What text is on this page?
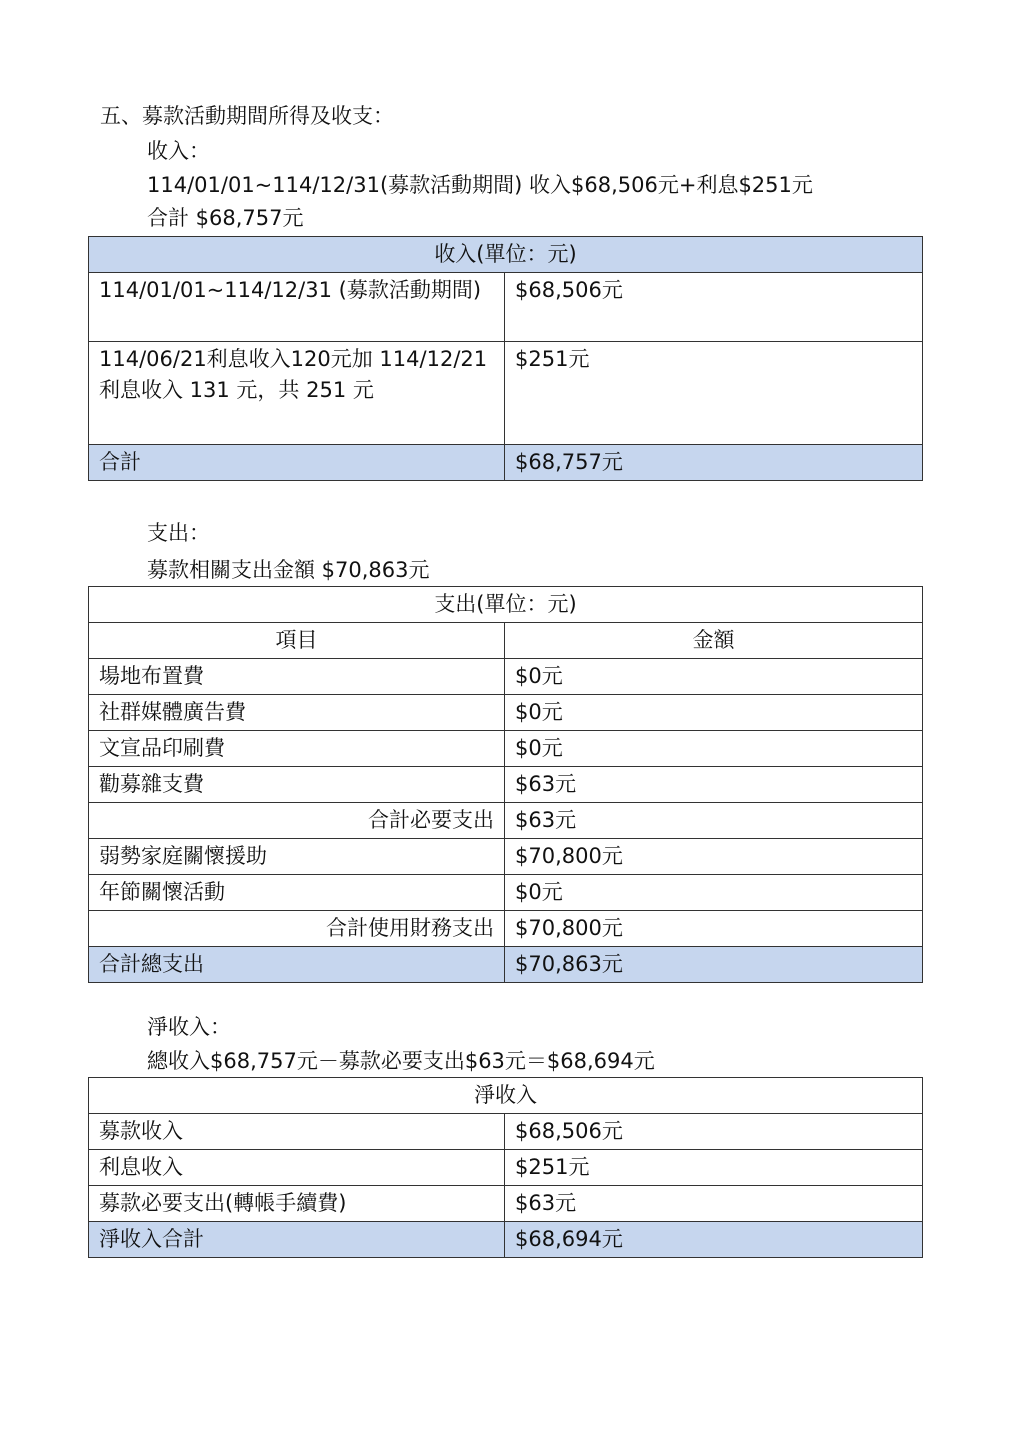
五、募款活動期間所得及收支：
收入：
114/01/01~114/12/31(募款活動期間) 收入$68,506元+利息$251元
合計 $68,757元
收入(單位：元)	
114/01/01~114/12/31 (募款活動期間)	$68,506元
114/06/21利息收入120元加 114/12/21 利息收入 131 元，共 251 元	$251元
合計	$68,757元
支出：
募款相關支出金額 $70,863元
支出(單位：元)	
項目	金額
場地布置費	$0元
社群媒體廣告費	$0元
文宣品印刷費	$0元
勸募雜支費	$63元
合計必要支出	$63元
弱勢家庭關懷援助	$70,800元
年節關懷活動	$0元
合計使用財務支出	$70,800元
合計總支出	$70,863元
淨收入：
總收入$68,757元－募款必要支出$63元＝$68,694元
淨收入	
募款收入	$68,506元
利息收入	$251元
募款必要支出(轉帳手續費)	$63元
淨收入合計	$68,694元
